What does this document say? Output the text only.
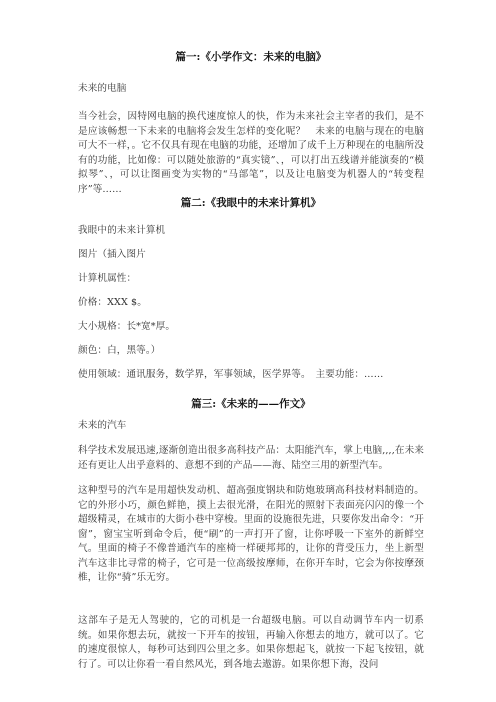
篇一:《小学作文：未来的电脑》

未来的电脑

当今社会，因特网电脑的换代速度惊人的快，作为未来社会主宰者的我们，是不是应该畅想一下未来的电脑将会发生怎样的变化呢？　未来的电脑与现在的电脑可大不一样，。它不仅具有现在电脑的功能，还增加了成千上万种现在的电脑所没有的功能，比如像：可以随处旅游的“真实镜”、，可以打出五线谱并能演奏的“模拟琴”、，可以让图画变为实物的“马部笔”，以及让电脑变为机器人的“转变程序”等……

篇二:《我眼中的未来计算机》

我眼中的未来计算机

图片（插入图片

计算机属性：

价格：XXX $。

大小规格：长*宽*厚。

颜色：白，黑等。）

使用领域：通讯服务，数学界，军事领域，医学界等。　主要功能：……

篇三:《未来的——作文》

未来的汽车

科学技术发展迅速,逐渐创造出很多高科技产品：太阳能汽车，掌上电脑,,,,在未来还有更让人出乎意料的、意想不到的产品——海、陆空三用的新型汽车。

这种型号的汽车是用超快发动机、超高强度钢块和防炮玻璃高科技材料制造的。它的外形小巧，颜色鲜艳，摸上去很光滑，在阳光的照射下表面亮闪闪的像一个超级精灵，在城市的大街小巷中穿梭。里面的设施很先进，只要你发出命令：“开窗”，窗宝宝听到命令后，便“刷”的一声打开了窗，让你呼吸一下室外的新鲜空气。里面的椅子不像普通汽车的座椅一样硬邦邦的，让你的背受压力，坐上新型汽车这非比寻常的椅子，它可是一位高级按摩师，在你开车时，它会为你按摩颈椎，让你“骑”乐无穷。

这部车子是无人驾驶的，它的司机是一台超级电脑。可以自动调节车内一切系统。如果你想去玩，就按一下开车的按钮，再输入你想去的地方，就可以了。它的速度很惊人，每秒可达到四公里之多。如果你想起飞，就按一下起飞按钮，就行了。可以让你看一看自然风光，到各地去遨游。如果你想下海，没问
